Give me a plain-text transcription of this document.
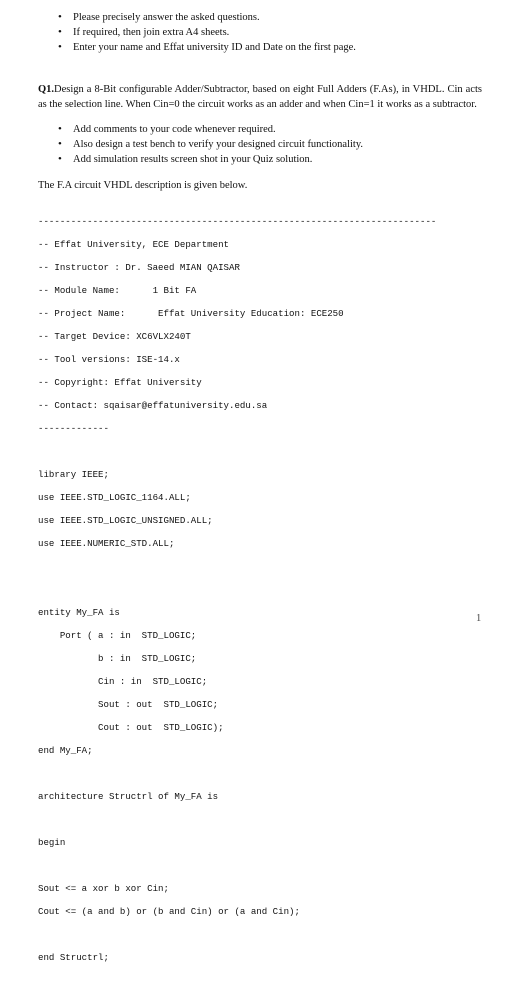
• Please precisely answer the asked questions.
• If required, then join extra A4 sheets.
• Enter your name and Effat university ID and Date on the first page.

Q1.Design a 8-Bit configurable Adder/Subtractor, based on eight Full Adders (F.As), in VHDL. Cin acts as the selection line. When Cin=0 the circuit works as an adder and when Cin=1 it works as a subtractor.

• Add comments to your code whenever required.
• Also design a test bench to verify your designed circuit functionality.
• Add simulation results screen shot in your Quiz solution.

The F.A circuit VHDL description is given below.

-------------------------------------------------------------------------

-- Effat University, ECE Department

-- Instructor : Dr. Saeed MIAN QAISAR

-- Module Name:      1 Bit FA

-- Project Name:      Effat University Education: ECE250

-- Target Device: XC6VLX240T

-- Tool versions: ISE-14.x

-- Copyright: Effat University

-- Contact: sqaisar@effatuniversity.edu.sa

-------------

library IEEE;

use IEEE.STD_LOGIC_1164.ALL;

use IEEE.STD_LOGIC_UNSIGNED.ALL;

use IEEE.NUMERIC_STD.ALL;

entity My_FA is

Port ( a : in  STD_LOGIC;

b : in  STD_LOGIC;

Cin : in  STD_LOGIC;

Sout : out  STD_LOGIC;

Cout : out  STD_LOGIC);

end My_FA;

architecture Structrl of My_FA is

begin

Sout <= a xor b xor Cin;

Cout <= (a and b) or (b and Cin) or (a and Cin);

end Structrl;

1
